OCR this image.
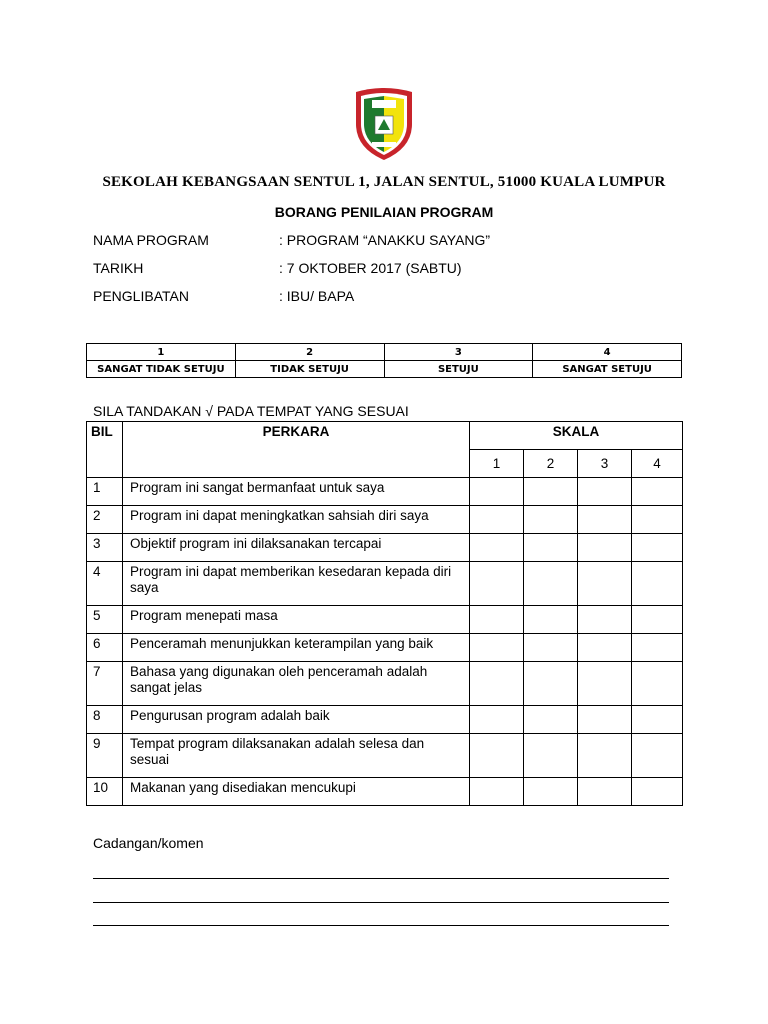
SEKOLAH KEBANGSAAN SENTUL 1, JALAN SENTUL, 51000 KUALA LUMPUR
BORANG PENILAIAN PROGRAM
NAMA PROGRAM	: PROGRAM “ANAKKU SAYANG”
TARIKH	: 7 OKTOBER 2017 (SABTU)
PENGLIBATAN	: IBU/ BAPA
1	2	3	4
SANGAT TIDAK SETUJU	TIDAK SETUJU	SETUJU	SANGAT SETUJU
SILA TANDAKAN √ PADA TEMPAT YANG SESUAI
BIL	PERKARA	SKALA			
		1	2	3	4
1	Program ini sangat bermanfaat untuk saya				
2	Program ini dapat meningkatkan sahsiah diri saya				
3	Objektif program ini dilaksanakan tercapai				
4	Program ini dapat memberikan kesedaran kepada diri saya				
5	Program menepati masa				
6	Penceramah menunjukkan keterampilan yang baik				
7	Bahasa yang digunakan oleh penceramah adalah sangat jelas				
8	Pengurusan program adalah baik				
9	Tempat program dilaksanakan adalah selesa dan sesuai				
10	Makanan yang disediakan mencukupi				
Cadangan/komen
